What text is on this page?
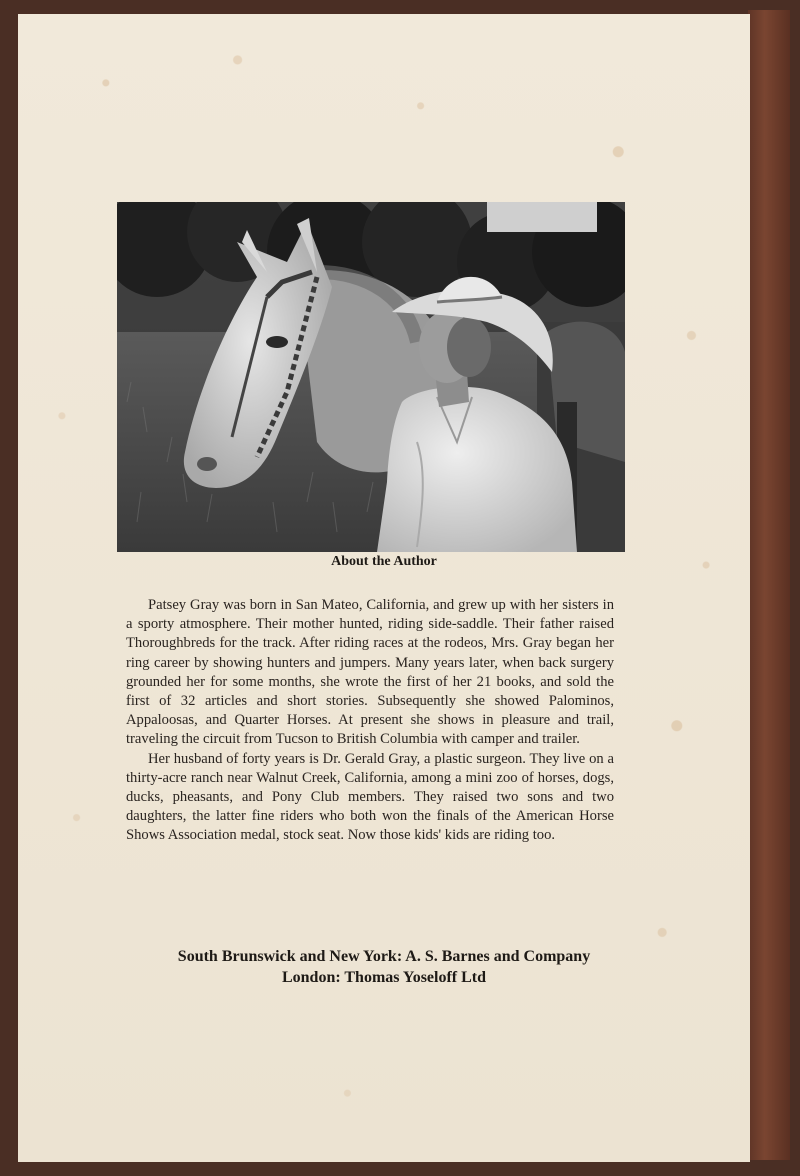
About the Author

Patsey Gray was born in San Mateo, California, and grew up with her sisters in a sporty atmosphere. Their mother hunted, riding side-saddle. Their father raised Thoroughbreds for the track. After riding races at the rodeos, Mrs. Gray began her ring career by showing hunters and jumpers. Many years later, when back surgery grounded her for some months, she wrote the first of her 21 books, and sold the first of 32 articles and short stories. Subsequently she showed Palominos, Appaloosas, and Quarter Horses. At present she shows in pleasure and trail, traveling the circuit from Tucson to British Columbia with camper and trailer.

Her husband of forty years is Dr. Gerald Gray, a plastic surgeon. They live on a thirty-acre ranch near Walnut Creek, California, among a mini zoo of horses, dogs, ducks, pheasants, and Pony Club members. They raised two sons and two daughters, the latter fine riders who both won the finals of the American Horse Shows Association medal, stock seat. Now those kids' kids are riding too.

South Brunswick and New York: A. S. Barnes and Company
London: Thomas Yoseloff Ltd
